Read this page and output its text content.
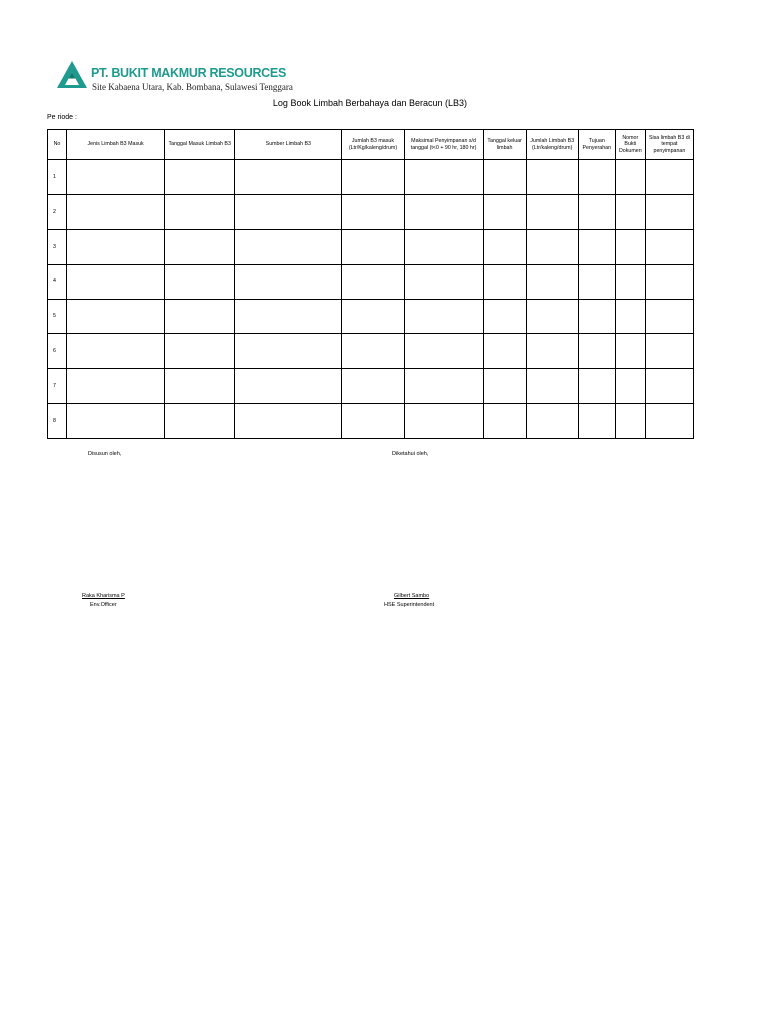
PT. BUKIT MAKMUR RESOURCES
Site Kabaena Utara, Kab. Bombana, Sulawesi Tenggara
Log Book Limbah Berbahaya dan Beracun (LB3)
Pe riode :
No	Jenis Limbah B3 Masuk	Tanggal Masuk Limbah B3	Sumber Limbah B3	Jumlah B3 masuk (Ltr/Kg/kaleng/drum)	Maksimal Penyimpanan s/d tanggal (t<0 + 90 hr, 180 hr)	Tanggal keluar limbah	Jumlah Limbah B3 (Ltr/kaleng/drum)	Tujuan Penyerahan	Nomor Bukti Dokumen	Sisa limbah B3 di tempat penyimpanan
1										
2										
3										
4										
5										
6										
7										
8										
Disusun oleh,	Diketahui oleh,
Raka Kharisma P
Env.Officer
Gilbert Sambo
HSE Superintendent
